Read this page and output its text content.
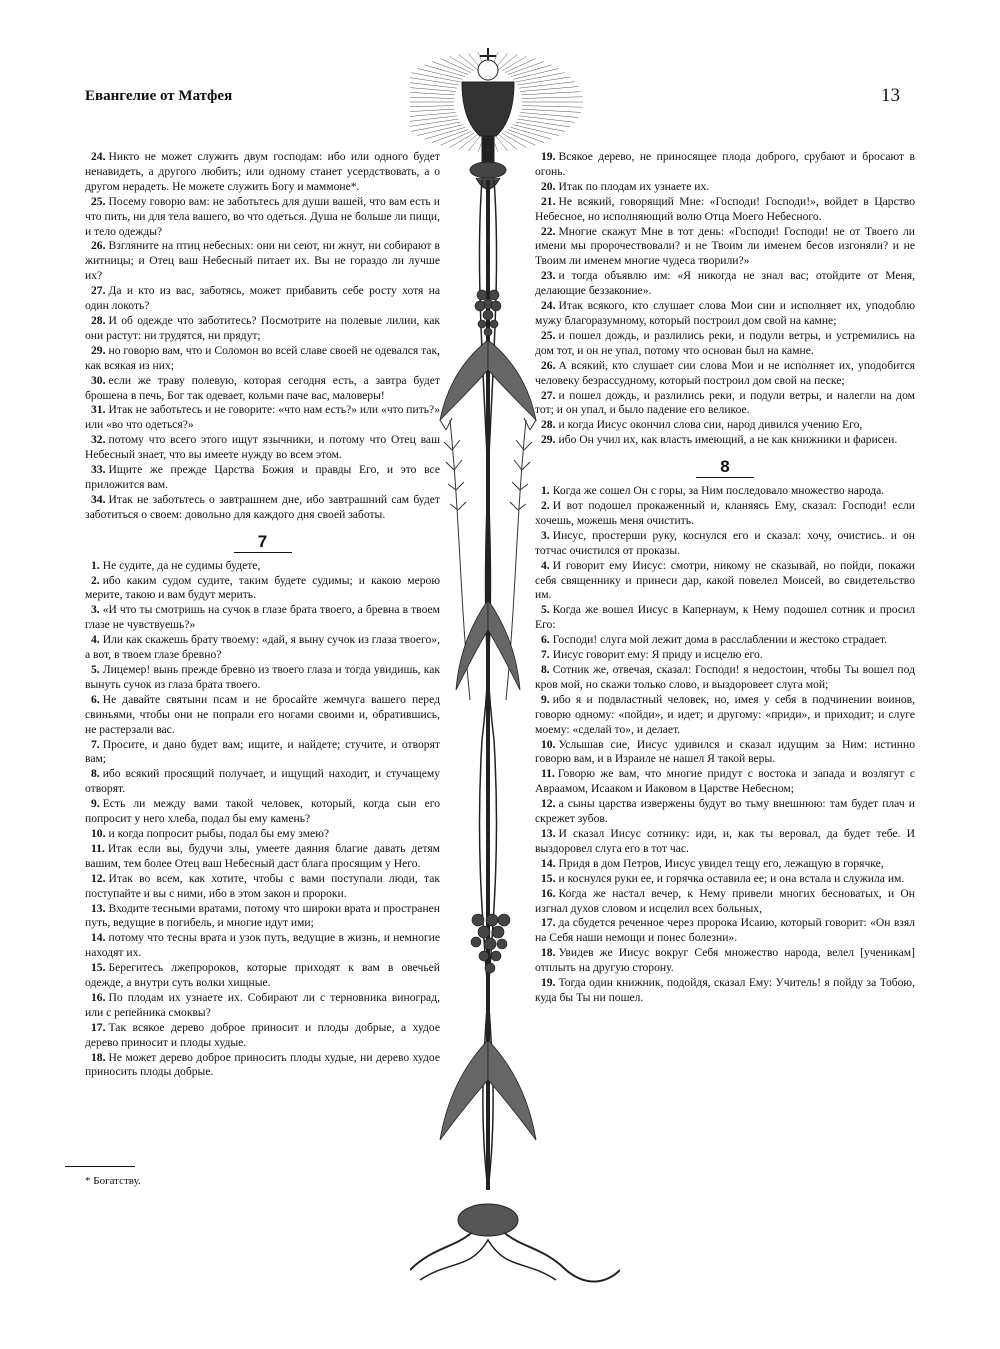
Евангелие от Матфея	13

24. Никто не может служить двум господам: ибо или одного будет ненавидеть, а другого любить; или одному станет усердствовать, а о другом нерадеть. Не можете служить Богу и маммоне*.

25. Посему говорю вам: не заботьтесь для души вашей, что вам есть и что пить, ни для тела вашего, во что одеться. Душа не больше ли пищи, и тело одежды?

26. Взгляните на птиц небесных: они ни сеют, ни жнут, ни собирают в житницы; и Отец ваш Небесный питает их. Вы не гораздо ли лучше их?

27. Да и кто из вас, заботясь, может прибавить себе росту хотя на один локоть?

28. И об одежде что заботитесь? Посмотрите на полевые лилии, как они растут: ни трудятся, ни прядут;

29. но говорю вам, что и Соломон во всей славе своей не одевался так, как всякая из них;

30. если же траву полевую, которая сегодня есть, а завтра будет брошена в печь, Бог так одевает, кольми паче вас, маловеры!

31. Итак не заботьтесь и не говорите: «что нам есть?» или «что пить?» или «во что одеться?»

32. потому что всего этого ищут язычники, и потому что Отец ваш Небесный знает, что вы имеете нужду во всем этом.

33. Ищите же прежде Царства Божия и правды Его, и это все приложится вам.

34. Итак не заботьтесь о завтрашнем дне, ибо завтрашний сам будет заботиться о своем: довольно для каждого дня своей заботы.

7

1. Не судите, да не судимы будете,

2. ибо каким судом судите, таким будете судимы; и какою мерою мерите, такою и вам будут мерить.

3. «И что ты смотришь на сучок в глазе брата твоего, а бревна в твоем глазе не чувствуешь?»

4. Или как скажешь брату твоему: «дай, я выну сучок из глаза твоего», а вот, в твоем глазе бревно?

5. Лицемер! вынь прежде бревно из твоего глаза и тогда увидишь, как вынуть сучок из глаза брата твоего.

6. Не давайте святыни псам и не бросайте жемчуга вашего перед свиньями, чтобы они не попрали его ногами своими и, обратившись, не растерзали вас.

7. Просите, и дано будет вам; ищите, и найдете; стучите, и отворят вам;

8. ибо всякий просящий получает, и ищущий находит, и стучащему отворят.

9. Есть ли между вами такой человек, который, когда сын его попросит у него хлеба, подал бы ему камень?

10. и когда попросит рыбы, подал бы ему змею?

11. Итак если вы, будучи злы, умеете даяния благие давать детям вашим, тем более Отец ваш Небесный даст блага просящим у Него.

12. Итак во всем, как хотите, чтобы с вами поступали люди, так поступайте и вы с ними, ибо в этом закон и пророки.

13. Входите тесными вратами, потому что широки врата и пространен путь, ведущие в погибель, и многие идут ими;

14. потому что тесны врата и узок путь, ведущие в жизнь, и немногие находят их.

15. Берегитесь лжепророков, которые приходят к вам в овечьей одежде, а внутри суть волки хищные.

16. По плодам их узнаете их. Собирают ли с терновника виноград, или с репейника смоквы?

17. Так всякое дерево доброе приносит и плоды добрые, а худое дерево приносит и плоды худые.

18. Не может дерево доброе приносить плоды худые, ни дерево худое приносить плоды добрые.

19. Всякое дерево, не приносящее плода доброго, срубают и бросают в огонь.

20. Итак по плодам их узнаете их.

21. Не всякий, говорящий Мне: «Господи! Господи!», войдет в Царство Небесное, но исполняющий волю Отца Моего Небесного.

22. Многие скажут Мне в тот день: «Господи! Господи! не от Твоего ли имени мы пророчествовали? и не Твоим ли именем бесов изгоняли? и не Твоим ли именем многие чудеса творили?»

23. и тогда объявлю им: «Я никогда не знал вас; отойдите от Меня, делающие беззаконие».

24. Итак всякого, кто слушает слова Мои сии и исполняет их, уподоблю мужу благоразумному, который построил дом свой на камне;

25. и пошел дождь, и разлились реки, и подули ветры, и устремились на дом тот, и он не упал, потому что основан был на камне.

26. А всякий, кто слушает сии слова Мои и не исполняет их, уподобится человеку безрассудному, который построил дом свой на песке;

27. и пошел дождь, и разлились реки, и подули ветры, и налегли на дом тот; и он упал, и было падение его великое.

28. и когда Иисус окончил слова сии, народ дивился учению Его,

29. ибо Он учил их, как власть имеющий, а не как книжники и фарисеи.

8

1. Когда же сошел Он с горы, за Ним последовало множество народа.

2. И вот подошел прокаженный и, кланяясь Ему, сказал: Господи! если хочешь, можешь меня очистить.

3. Иисус, простерши руку, коснулся его и сказал: хочу, очистись. и он тотчас очистился от проказы.

4. И говорит ему Иисус: смотри, никому не сказывай, но пойди, покажи себя священнику и принеси дар, какой повелел Моисей, во свидетельство им.

5. Когда же вошел Иисус в Капернаум, к Нему подошел сотник и просил Его:

6. Господи! слуга мой лежит дома в расслаблении и жестоко страдает.

7. Иисус говорит ему: Я приду и исцелю его.

8. Сотник же, отвечая, сказал: Господи! я недостоин, чтобы Ты вошел под кров мой, но скажи только слово, и выздоровеет слуга мой;

9. ибо я и подвластный человек, но, имея у себя в подчинении воинов, говорю одному: «пойди», и идет; и другому: «приди», и приходит; и слуге моему: «сделай то», и делает.

10. Услышав сие, Иисус удивился и сказал идущим за Ним: истинно говорю вам, и в Израиле не нашел Я такой веры.

11. Говорю же вам, что многие придут с востока и запада и возлягут с Авраамом, Исааком и Иаковом в Царстве Небесном;

12. а сыны царства извержены будут во тьму внешнюю: там будет плач и скрежет зубов.

13. И сказал Иисус сотнику: иди, и, как ты веровал, да будет тебе. И выздоровел слуга его в тот час.

14. Придя в дом Петров, Иисус увидел тещу его, лежащую в горячке,

15. и коснулся руки ее, и горячка оставила ее; и она встала и служила им.

16. Когда же настал вечер, к Нему привели многих бесноватых, и Он изгнал духов словом и исцелил всех больных,

17. да сбудется реченное через пророка Исаию, который говорит: «Он взял на Себя наши немощи и понес болезни».

18. Увидев же Иисус вокруг Себя множество народа, велел [ученикам] отплыть на другую сторону.

19. Тогда один книжник, подойдя, сказал Ему: Учитель! я пойду за Тобою, куда бы Ты ни пошел.

* Богатству.
